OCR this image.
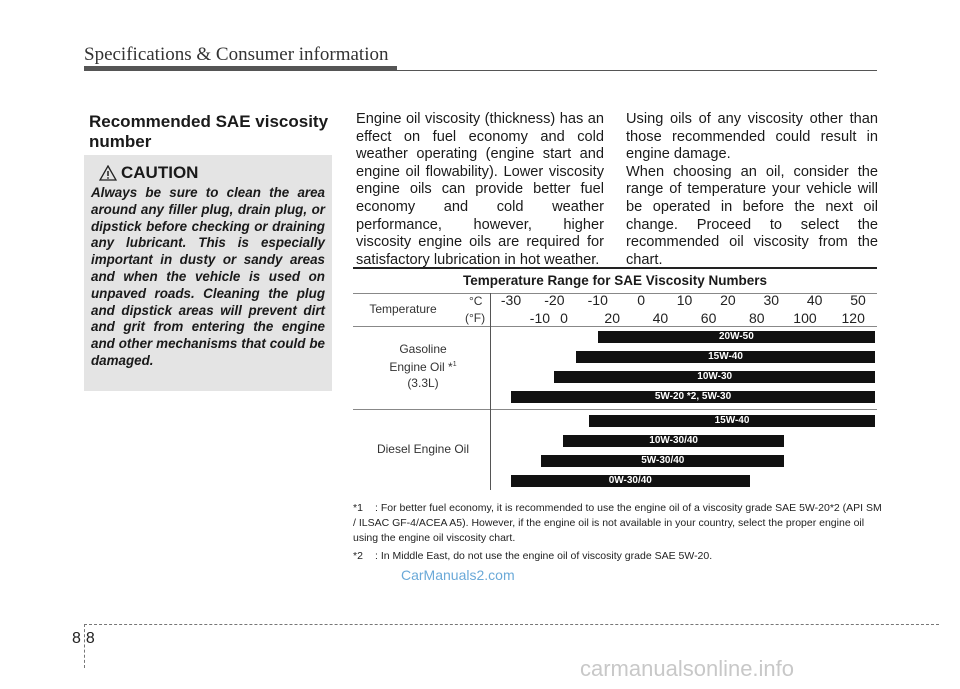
Specifications & Consumer information
Recommended SAE viscosity number
CAUTION
Always be sure to clean the area around any filler plug, drain plug, or dipstick before checking or draining any lubricant. This is especially important in dusty or sandy areas and when the vehicle is used on unpaved roads. Cleaning the plug and dipstick areas will prevent dirt and grit from entering the engine and other mechanisms that could be damaged.
Engine oil viscosity (thickness) has an effect on fuel economy and cold weather operating (engine start and engine oil flowability). Lower viscosity engine oils can provide better fuel economy and cold weather performance, however, higher viscosity engine oils are required for satisfactory lubrication in hot weather.
Using oils of any viscosity other than those recommended could result in engine damage.
When choosing an oil, consider the range of temperature your vehicle will be operated in before the next oil change. Proceed to select the recommended oil viscosity from the chart.
Temperature Range for SAE Viscosity Numbers
Temperature
°C
(°F)
Gasoline
Engine Oil *$^1$
(3.3L)
Diesel Engine Oil
-30 -20 -10 0 10 20 30 40 50
-10 0	20 40 60 80 100 120
20W-50
15W-40
10W-30
5W-20 *2, 5W-30
15W-40
10W-30/40
5W-30/40
0W-30/40
*1 : For better fuel economy, it is recommended to use the engine oil of a viscosity grade SAE 5W-20*2 (API SM / ILSAC GF-4/ACEA A5). However, if the engine oil is not available in your country, select the proper engine oil using the engine oil viscosity chart.
*2 : In Middle East, do not use the engine oil of viscosity grade SAE 5W-20.
CarManuals2.com
88
carmanualsonline.info
